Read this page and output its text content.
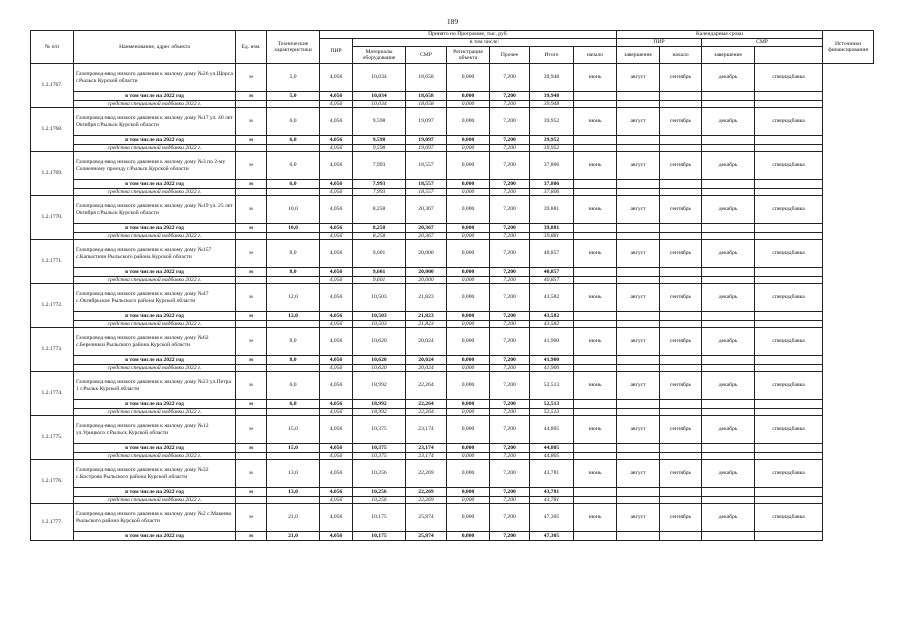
189
№ п/п	Наименование, адрес объекта	Ед. изм.	Технические характеристики	Принято по Программе, тыс. руб.							Календарные сроки				Источники финансирования
				ПИР	в том числе:						ПИР		СМР		
					Материалы оборудование	СМР	Регистрация объекта	Прочее	Итого	начало	завершение	начало	завершение		
1.2.1767.	Газопровод-ввод низкого давления к жилому дому №26 ул.Щорса г.Рыльск Курской области	м	5,0	4,056	10,034	18,658	0,000	7,200	39,948	июнь	август	сентябрь	декабрь	спецнадбавка	
	в том числе на 2022 год	м	5,0	4,056	10,034	18,658	0,000	7,200	39,948						
	средства специальной надбавки 2022 г.			4,056	10,034	18,658	0,000	7,200	39,948						
1.2.1768.	Газопровод-ввод низкого давления к жилому дому №17 ул. 40 лет Октября г.Рыльск Курской области	м	6,0	4,056	9,598	19,097	0,000	7,200	39,952	июнь	август	сентябрь	декабрь	спецнадбавка	
	в том числе на 2022 год	м	6,0	4,056	9,598	19,097	0,000	7,200	39,952						
	средства специальной надбавки 2022 г.			4,056	9,598	19,097	0,000	7,200	39,952						
1.2.1769.	Газопровод-ввод низкого давления к жилому дому №3 по 2-му Солнечному проезду г.Рыльск Курской области	м	6,0	4,056	7,993	18,557	0,000	7,200	37,806	июнь	август	сентябрь	декабрь	спецнадбавка	
	в том числе на 2022 год	м	6,0	4,056	7,993	18,557	0,000	7,200	37,806						
	средства специальной надбавки 2022 г.			4,056	7,993	18,557	0,000	7,200	37,806						
1.2.1770.	Газопровод-ввод низкого давления к жилому дому №19 ул. 25 лет Октября г.Рыльск Курской области	м	10,0	4,056	8,258	20,367	0,000	7,200	39,881	июнь	август	сентябрь	декабрь	спецнадбавка	
	в том числе на 2022 год	м	10,0	4,056	8,258	20,367	0,000	7,200	39,881						
	средства специальной надбавки 2022 г.			4,056	8,258	20,367	0,000	7,200	39,881						
1.2.1771.	Газопровод-ввод низкого давления к жилому дому №157 с.Капыстичи Рыльского района Курской области	м	8,0	4,056	9,601	20,000	0,000	7,200	40,857	июнь	август	сентябрь	декабрь	спецнадбавка	
	в том числе на 2022 год	м	8,0	4,056	9,601	20,000	0,000	7,200	40,857						
	средства специальной надбавки 2022 г.			4,056	9,601	20,000	0,000	7,200	40,857						
1.2.1772.	Газопровод-ввод низкого давления к жилому дому №47 с.Октябрьское Рыльского района Курской области	м	12,0	4,056	10,503	21,823	0,000	7,200	43,582	июнь	август	сентябрь	декабрь	спецнадбавка	
	в том числе на 2022 год	м	12,0	4,056	10,503	21,823	0,000	7,200	43,582						
	средства специальной надбавки 2022 г.			4,056	10,503	21,823	0,000	7,200	43,582						
1.2.1773.	Газопровод-ввод низкого давления к жилому дому №62 с.Березники Рыльского района Курской области	м	8,0	4,056	10,620	20,024	0,000	7,200	41,900	июнь	август	сентябрь	декабрь	спецнадбавка	
	в том числе на 2022 год	м	8,0	4,056	10,620	20,024	0,000	7,200	41,900						
	средства специальной надбавки 2022 г.			4,056	10,620	20,024	0,000	7,200	41,900						
1.2.1774.	Газопровод-ввод низкого давления к жилому дому №23 ул.Петра 1 г.Рыльк Курской области	м	6,0	4,056	18,992	22,264	0,000	7,200	52,513	июнь	август	сентябрь	декабрь	спецнадбавка	
	в том числе на 2022 год	м	6,0	4,056	18,992	22,264	0,000	7,200	52,513						
	средства специальной надбавки 2022 г.			4,056	18,992	22,264	0,000	7,200	52,513						
1.2.1775.	Газопровод-ввод низкого давления к жилому дому №12 ул.Урицкого г.Рыльск Курской области	м	15,0	4,056	10,375	23,174	0,000	7,200	44,805	июнь	август	сентябрь	декабрь	спецнадбавка	
	в том числе на 2022 год	м	15,0	4,056	10,375	23,174	0,000	7,200	44,805						
	средства специальной надбавки 2022 г.			4,056	10,375	23,174	0,000	7,200	44,805						
1.2.1776.	Газопровод-ввод низкого давления к жилому дому №32 с.Кострова Рыльского района Курской области	м	13,0	4,056	10,256	22,269	0,000	7,200	43,781	июнь	август	сентябрь	декабрь	спецнадбавка	
	в том числе на 2022 год	м	13,0	4,056	10,256	22,269	0,000	7,200	43,781						
	средства специальной надбавки 2022 г.			4,056	10,256	22,269	0,000	7,200	43,781						
1.2.1777.	Газопровод-ввод низкого давления к жилому дому №2 с.Макеево Рыльского района Курской области	м	21,0	4,056	10,175	25,874	0,000	7,200	47,305	июнь	август	сентябрь	декабрь	спецнадбавка	
	в том числе на 2022 год	м	21,0	4,056	10,175	25,874	0,000	7,200	47,305						
